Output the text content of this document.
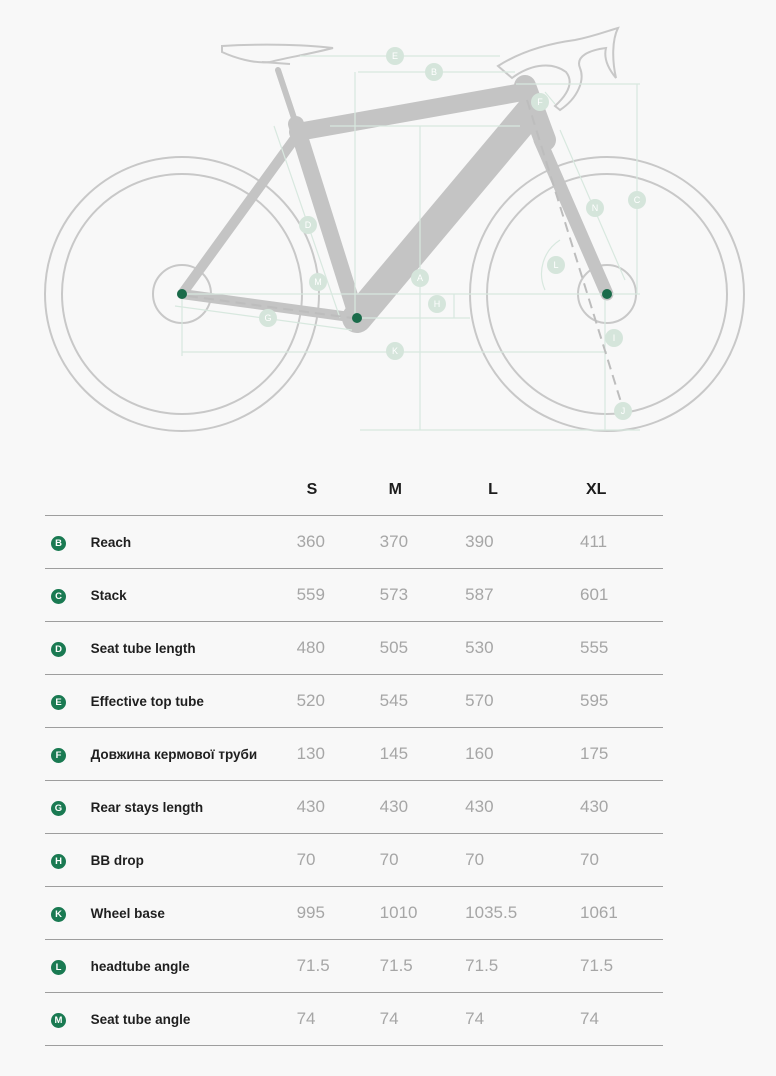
E
B
F
C
N
D
L
A
M
H
G
I
K
J
		S	M	L	XL
B	Reach	360	370	390	411
C	Stack	559	573	587	601
D	Seat tube length	480	505	530	555
E	Effective top tube	520	545	570	595
F	Довжина кермової труби	130	145	160	175
G	Rear stays length	430	430	430	430
H	BB drop	70	70	70	70
K	Wheel base	995	1010	1035.5	1061
L	headtube angle	71.5	71.5	71.5	71.5
M	Seat tube angle	74	74	74	74
